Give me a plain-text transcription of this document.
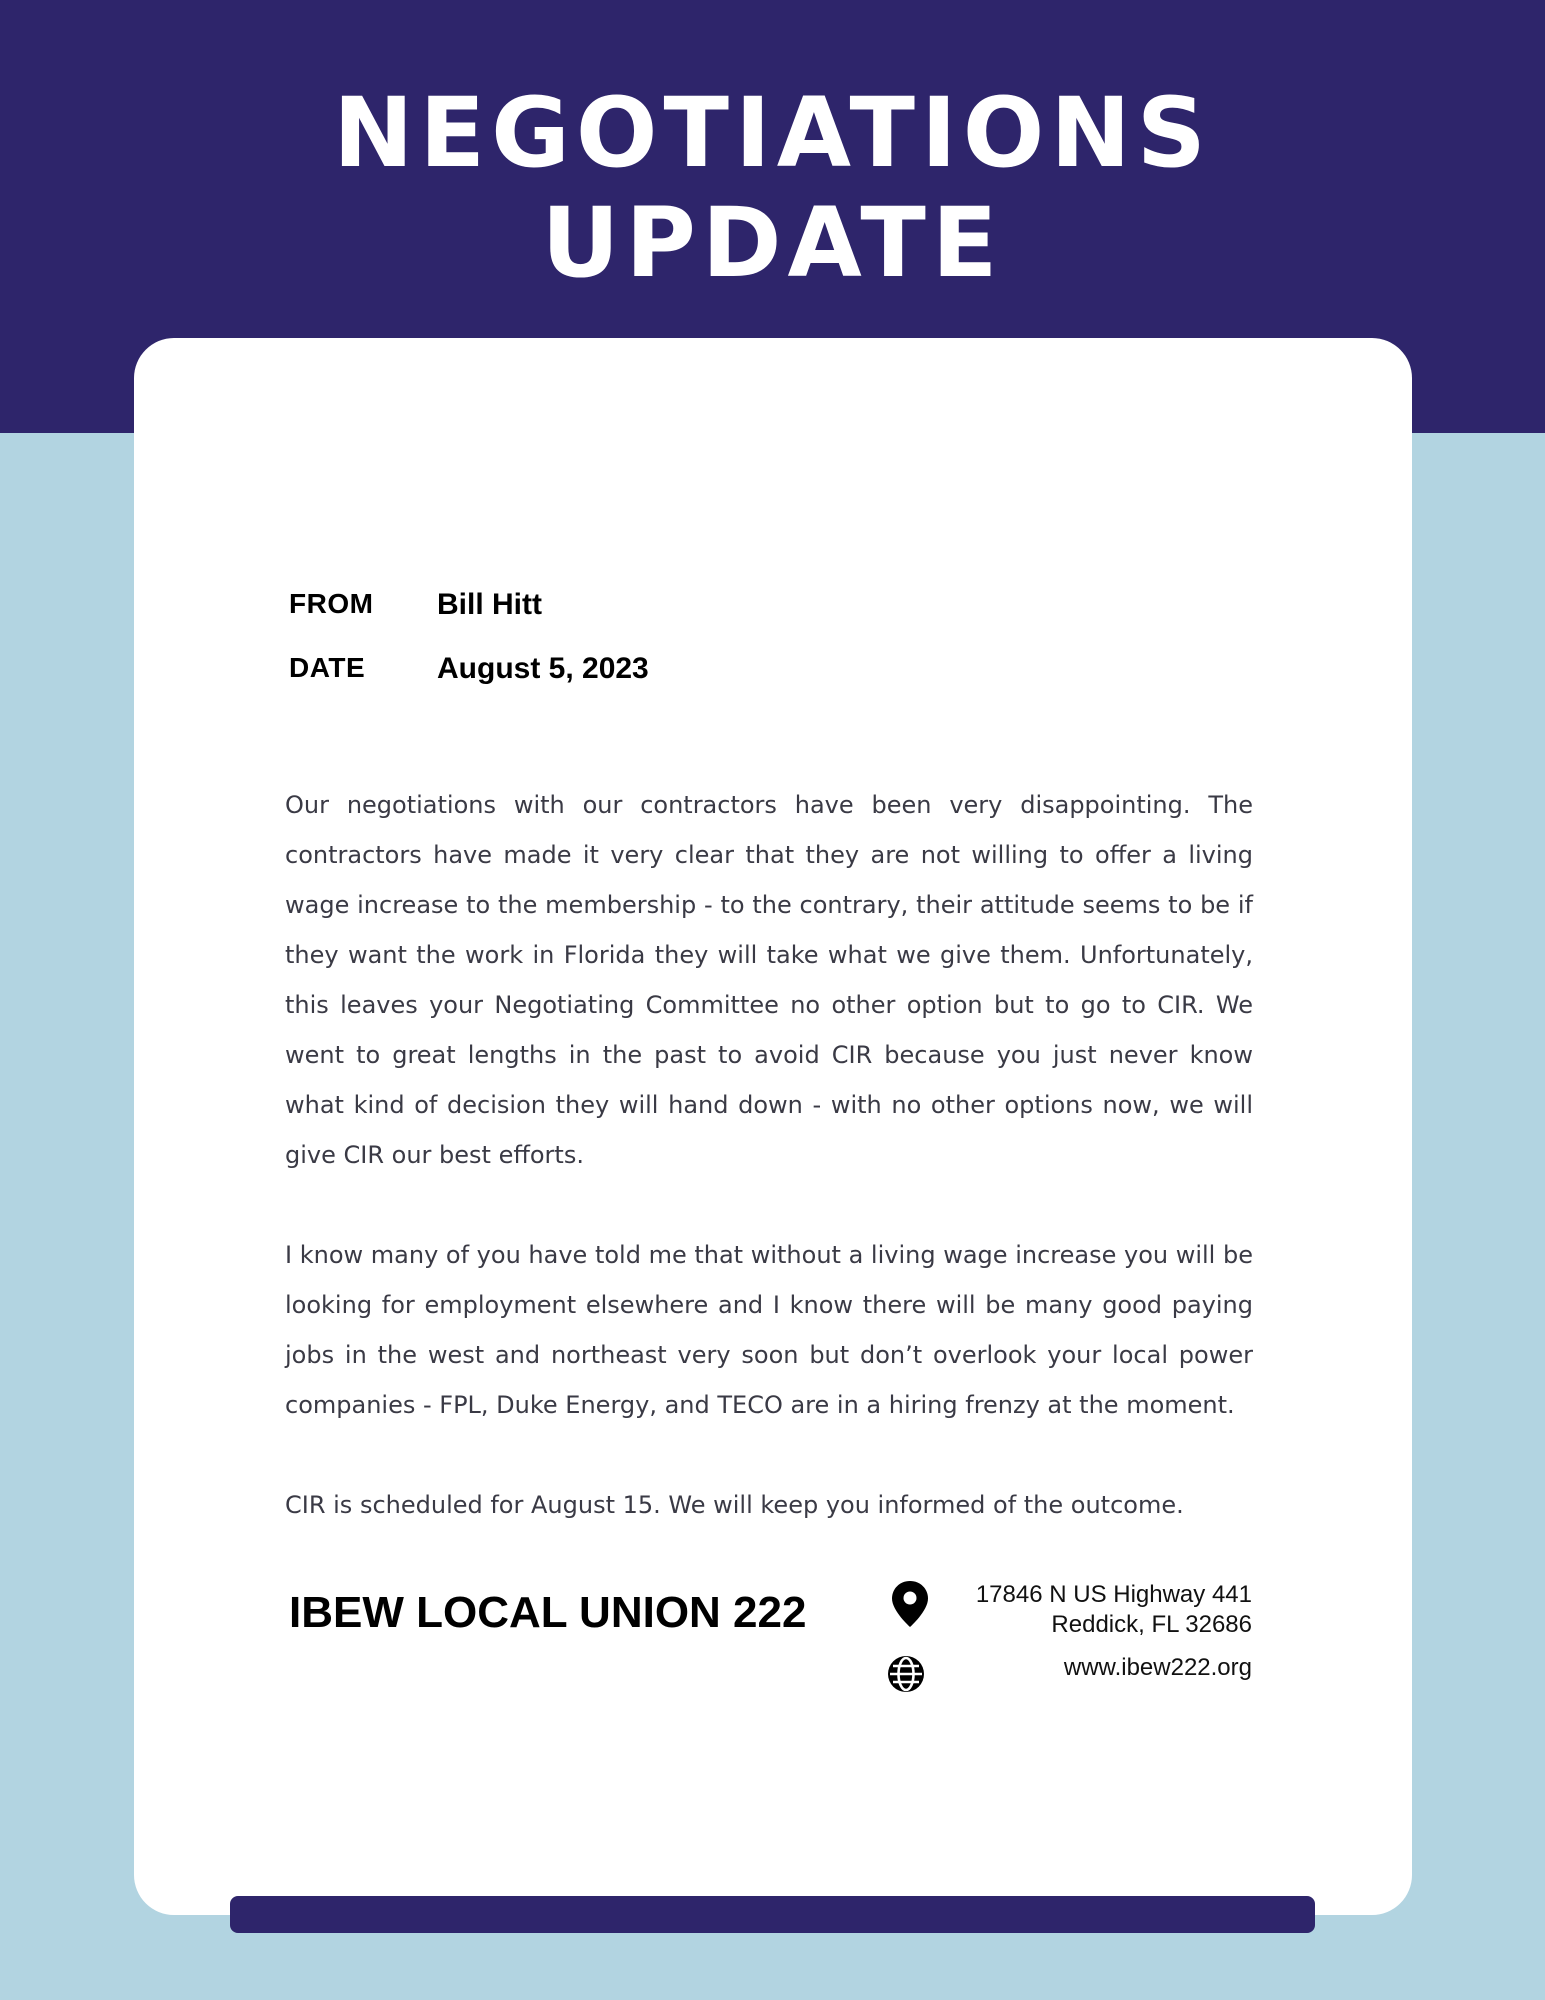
NEGOTIATIONS
UPDATE
FROM Bill Hitt
DATE August 5, 2023

Our negotiations with our contractors have been very disappointing. The contractors have made it very clear that they are not willing to offer a living wage increase to the membership - to the contrary, their attitude seems to be if they want the work in Florida they will take what we give them. Unfortunately, this leaves your Negotiating Committee no other option but to go to CIR. We went to great lengths in the past to avoid CIR because you just never know what kind of decision they will hand down - with no other options now, we will give CIR our best efforts.

I know many of you have told me that without a living wage increase you will be looking for employment elsewhere and I know there will be many good paying jobs in the west and northeast very soon but don’t overlook your local power companies - FPL, Duke Energy, and TECO are in a hiring frenzy at the moment.

CIR is scheduled for August 15. We will keep you informed of the outcome.

IBEW LOCAL UNION 222	17846 N US Highway 441
Reddick, FL 32686
www.ibew222.org
